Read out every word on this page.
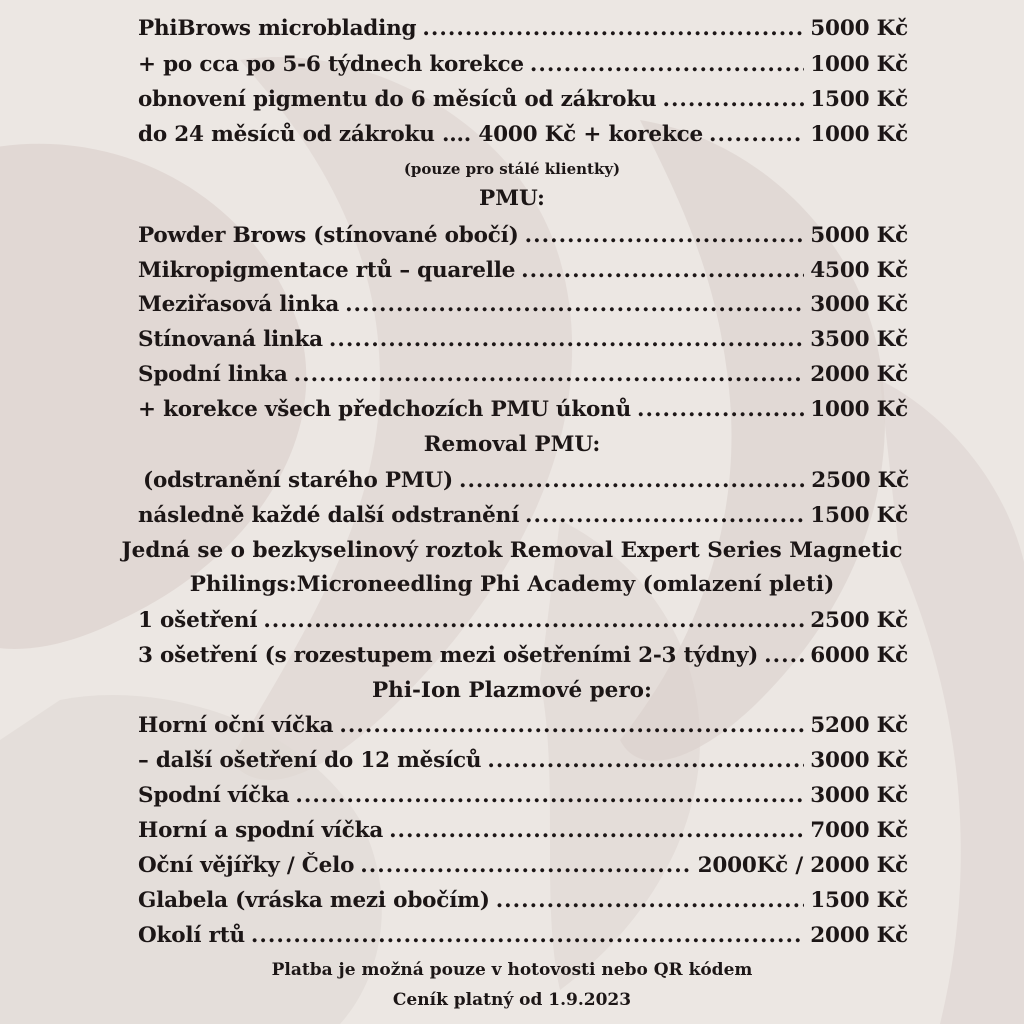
PhiBrows microblading .....	5000 Kč
+ po cca po 5-6 týdnech korekce .....	1000 Kč
obnovení pigmentu do 6 měsíců od zákroku .....	1500 Kč
do 24 měsíců od zákroku .... 4000 Kč + korekce .....	1000 Kč
(pouze pro stálé klientky)
PMU:
Powder Brows (stínované obočí) .....	5000 Kč
Mikropigmentace rtů – quarelle .....	4500 Kč
Meziřasová linka .....	3000 Kč
Stínovaná linka .....	3500 Kč
Spodní linka .....	2000 Kč
+ korekce všech předchozích PMU úkonů .....	1000 Kč
Removal PMU:
(odstranění starého PMU) .....	2500 Kč
následně každé další odstranění .....	1500 Kč
Jedná se o bezkyselinový roztok Removal Expert Series Magnetic
Philings:Microneedling Phi Academy (omlazení pleti)
1 ošetření .....	2500 Kč
3 ošetření (s rozestupem mezi ošetřeními 2-3 týdny) ..... 6000 Kč
Phi-Ion Plazmové pero:
Horní oční víčka .....	5200 Kč
– další ošetření do 12 měsíců .....	3000 Kč
Spodní víčka .....	3000 Kč
Horní a spodní víčka .....	7000 Kč
Oční vějířky / Čelo .....	2000Kč / 2000 Kč
Glabela (vráska mezi obočím) .....	1500 Kč
Okolí rtů .....	2000 Kč
Platba je možná pouze v hotovosti nebo QR kódem
Ceník platný od 1.9.2023
